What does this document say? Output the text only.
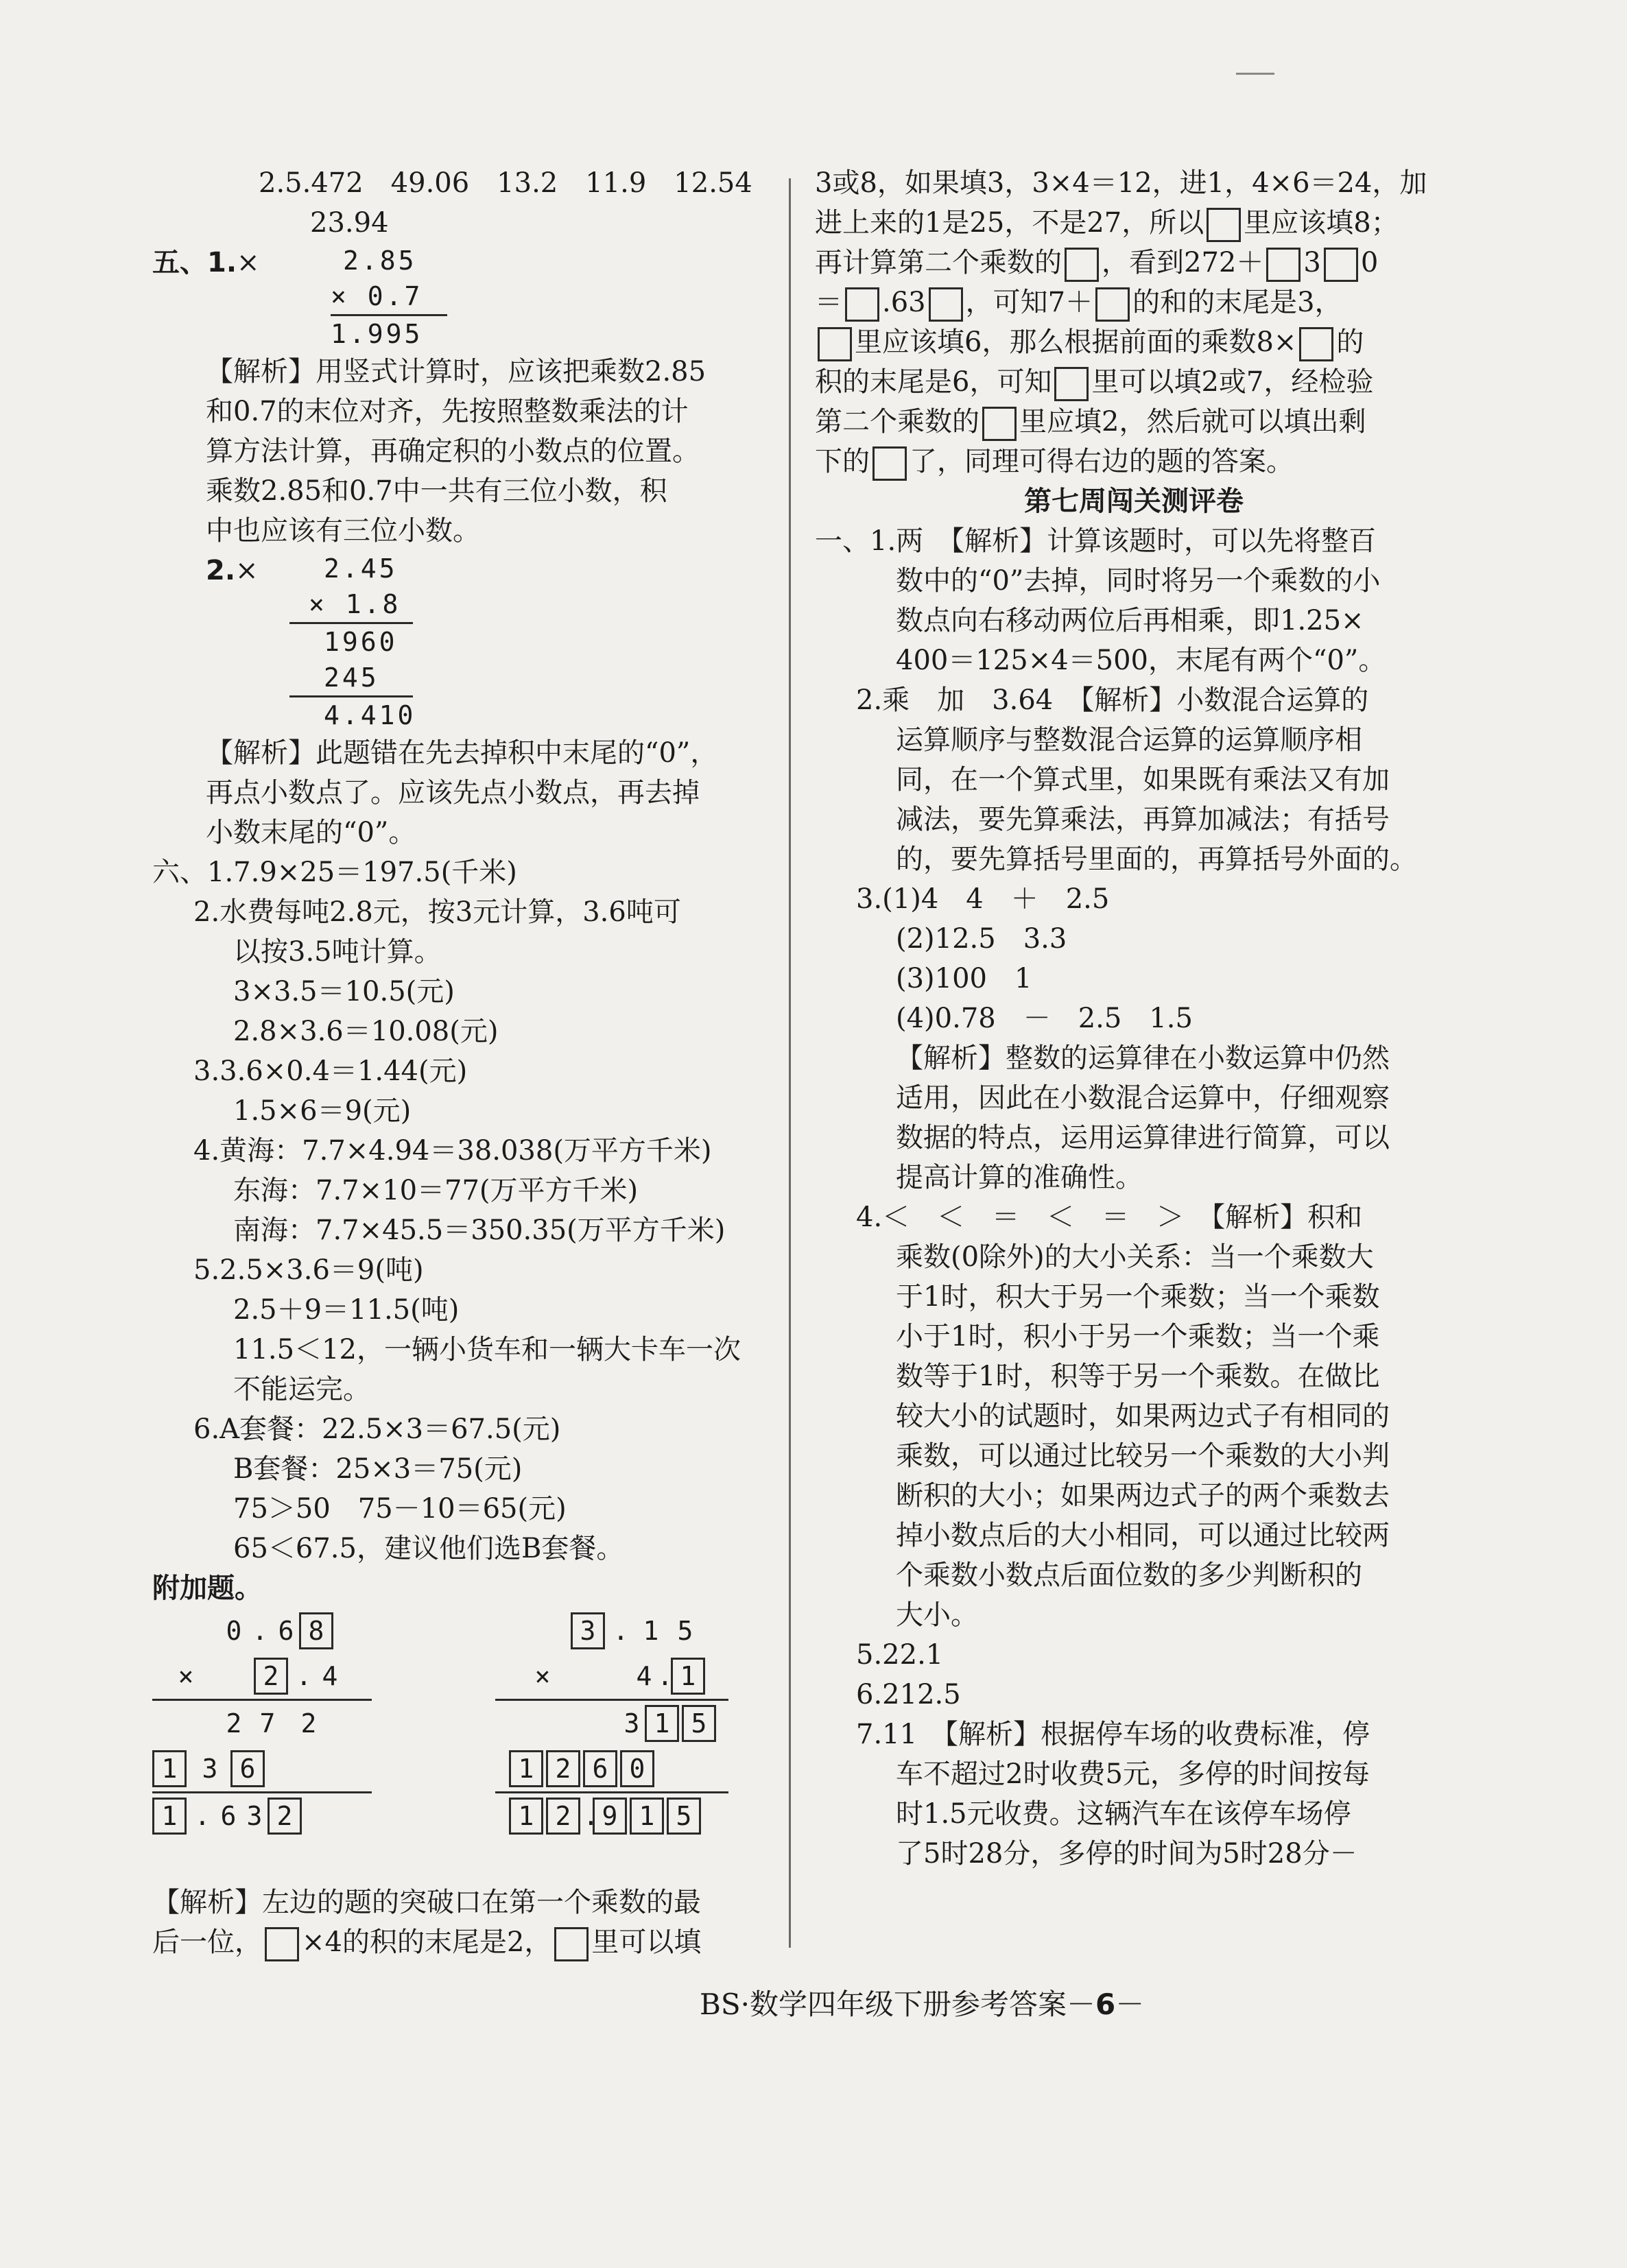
2.5.472　49.06　13.2　11.9　12.54
23.94
五、1.×	2.85
× 0.7
1.995
【解析】用竖式计算时，应该把乘数2.85
和0.7的末位对齐，先按照整数乘法的计
算方法计算，再确定积的小数点的位置。
乘数2.85和0.7中一共有三位小数，积
中也应该有三位小数。
2.×	2.45
× 1.8
1960
245
4.410
【解析】此题错在先去掉积中末尾的“0”，
再点小数点了。应该先点小数点，再去掉
小数末尾的“0”。
六、1.7.9×25＝197.5(千米)
2.水费每吨2.8元，按3元计算，3.6吨可
以按3.5吨计算。
3×3.5＝10.5(元)
2.8×3.6＝10.08(元)
3.3.6×0.4＝1.44(元)
1.5×6＝9(元)
4.黄海：7.7×4.94＝38.038(万平方千米)
东海：7.7×10＝77(万平方千米)
南海：7.7×45.5＝350.35(万平方千米)
5.2.5×3.6＝9(吨)
2.5＋9＝11.5(吨)
11.5＜12，一辆小货车和一辆大卡车一次
不能运完。
6.A套餐：22.5×3＝67.5(元)
B套餐：25×3＝75(元)
75＞50　75－10＝65(元)
65＜67.5，建议他们选B套餐。
附加题。
0 . 6 8
×	2 . 4
2 7 2
1 3 6
1 . 6 3 2
3 . 1 5
×	4 . 1
3 1 5
1 2 6 0
1 2 . 9 1 5
【解析】左边的题的突破口在第一个乘数的最
后一位， ×4的积的末尾是2， 里可以填
3或8，如果填3，3×4＝12，进1，4×6＝24，加
进上来的1是25，不是27，所以 里应该填8；
再计算第二个乘数的 ，看到272＋ 3 0
＝ .63 ，可知7＋ 的和的末尾是3，
里应该填6，那么根据前面的乘数8× 的
积的末尾是6，可知 里可以填2或7，经检验
第二个乘数的 里应填2，然后就可以填出剩
下的 了，同理可得右边的题的答案。
第七周闯关测评卷
一、1.两　【解析】计算该题时，可以先将整百
数中的“0”去掉，同时将另一个乘数的小
数点向右移动两位后再相乘，即1.25×
400＝125×4＝500，末尾有两个“0”。
2.乘　加　3.64　【解析】小数混合运算的
运算顺序与整数混合运算的运算顺序相
同，在一个算式里，如果既有乘法又有加
减法，要先算乘法，再算加减法；有括号
的，要先算括号里面的，再算括号外面的。
3.(1)4　4　＋　2.5
(2)12.5　3.3
(3)100　1
(4)0.78　－　2.5　1.5
【解析】整数的运算律在小数运算中仍然
适用，因此在小数混合运算中，仔细观察
数据的特点，运用运算律进行简算，可以
提高计算的准确性。
4.＜　＜　＝　＜　＝　＞　【解析】积和
乘数(0除外)的大小关系：当一个乘数大
于1时，积大于另一个乘数；当一个乘数
小于1时，积小于另一个乘数；当一个乘
数等于1时，积等于另一个乘数。在做比
较大小的试题时，如果两边式子有相同的
乘数，可以通过比较另一个乘数的大小判
断积的大小；如果两边式子的两个乘数去
掉小数点后的大小相同，可以通过比较两
个乘数小数点后面位数的多少判断积的
大小。
5.22.1
6.212.5
7.11　【解析】根据停车场的收费标准，停
车不超过2时收费5元，多停的时间按每
时1.5元收费。这辆汽车在该停车场停
了5时28分，多停的时间为5时28分－
BS·数学四年级下册参考答案－6－
